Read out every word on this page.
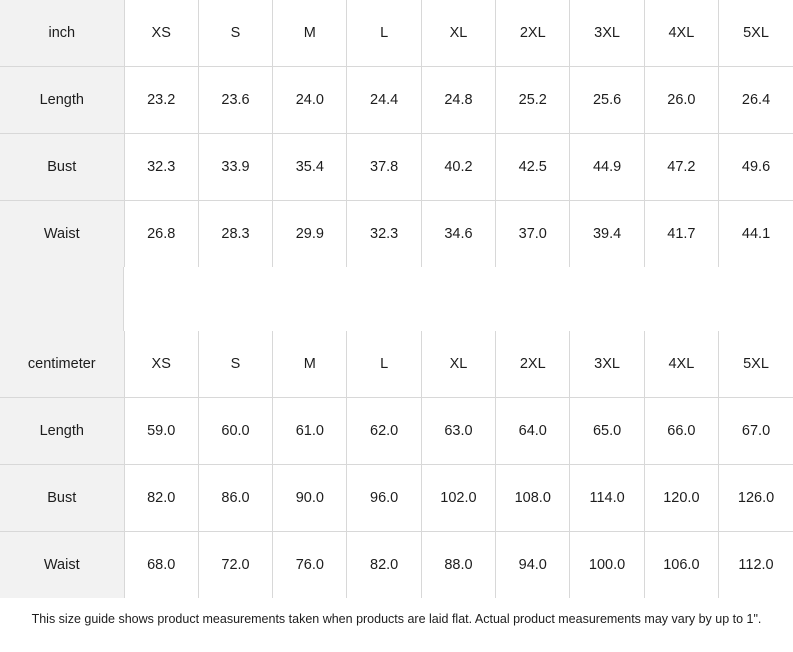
inch	XS	S	M	L	XL	2XL	3XL	4XL	5XL
Length	23.2	23.6	24.0	24.4	24.8	25.2	25.6	26.0	26.4
Bust	32.3	33.9	35.4	37.8	40.2	42.5	44.9	47.2	49.6
Waist	26.8	28.3	29.9	32.3	34.6	37.0	39.4	41.7	44.1
centimeter	XS	S	M	L	XL	2XL	3XL	4XL	5XL
Length	59.0	60.0	61.0	62.0	63.0	64.0	65.0	66.0	67.0
Bust	82.0	86.0	90.0	96.0	102.0	108.0	114.0	120.0	126.0
Waist	68.0	72.0	76.0	82.0	88.0	94.0	100.0	106.0	112.0
This size guide shows product measurements taken when products are laid flat. Actual product measurements may vary by up to 1".
